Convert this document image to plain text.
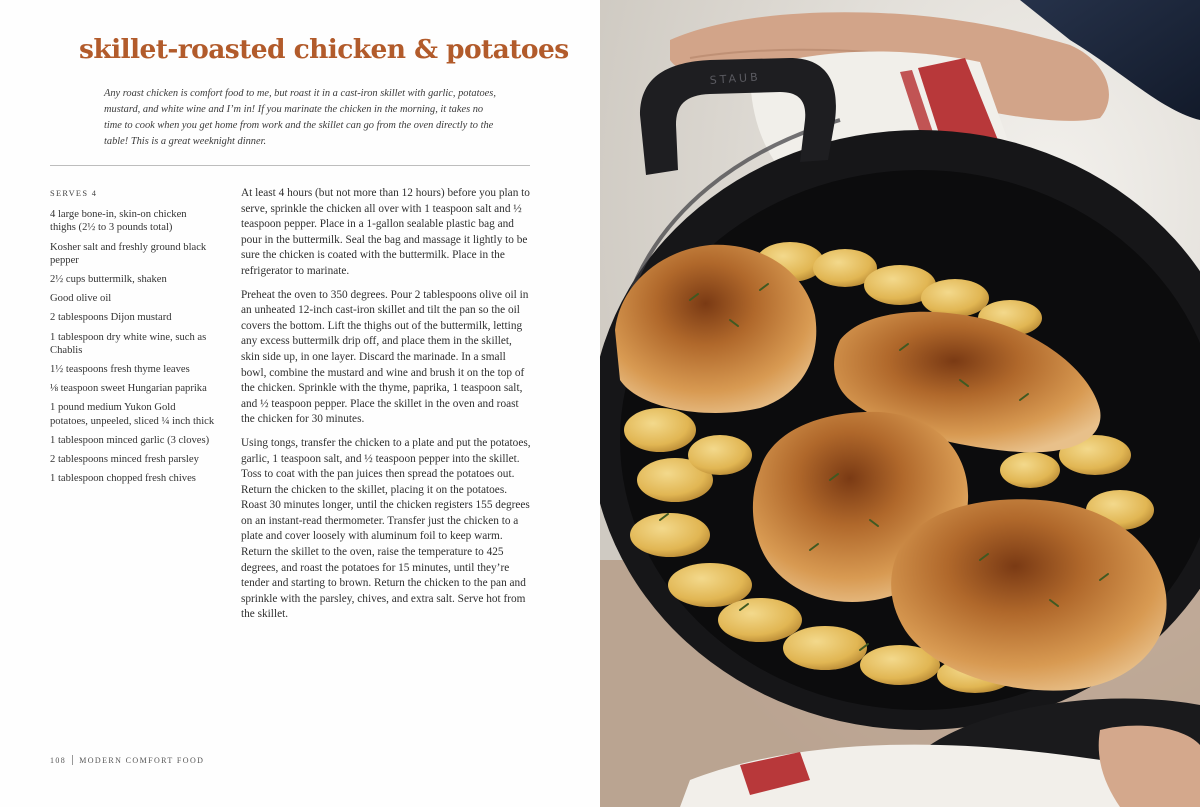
skillet-roasted chicken & potatoes

Any roast chicken is comfort food to me, but roast it in a cast-iron skillet with garlic, potatoes, mustard, and white wine and I’m in! If you marinate the chicken in the morning, it takes no time to cook when you get home from work and the skillet can go from the oven directly to the table! This is a great weeknight dinner.

SERVES 4
4 large bone-in, skin-on chicken thighs (2½ to 3 pounds total)
Kosher salt and freshly ground black pepper
2½ cups buttermilk, shaken
Good olive oil
2 tablespoons Dijon mustard
1 tablespoon dry white wine, such as Chablis
1½ teaspoons fresh thyme leaves
⅛ teaspoon sweet Hungarian paprika
1 pound medium Yukon Gold potatoes, unpeeled, sliced ¼ inch thick
1 tablespoon minced garlic (3 cloves)
2 tablespoons minced fresh parsley
1 tablespoon chopped fresh chives

At least 4 hours (but not more than 12 hours) before you plan to serve, sprinkle the chicken all over with 1 teaspoon salt and ½ teaspoon pepper. Place in a 1-gallon sealable plastic bag and pour in the buttermilk. Seal the bag and massage it lightly to be sure the chicken is coated with the buttermilk. Place in the refrigerator to marinate.

Preheat the oven to 350 degrees. Pour 2 tablespoons olive oil in an unheated 12-inch cast-iron skillet and tilt the pan so the oil covers the bottom. Lift the thighs out of the buttermilk, letting any excess buttermilk drip off, and place them in the skillet, skin side up, in one layer. Discard the marinade. In a small bowl, combine the mustard and wine and brush it on the top of the chicken. Sprinkle with the thyme, paprika, 1 teaspoon salt, and ½ teaspoon pepper. Place the skillet in the oven and roast the chicken for 30 minutes.

Using tongs, transfer the chicken to a plate and put the potatoes, garlic, 1 teaspoon salt, and ½ teaspoon pepper into the skillet. Toss to coat with the pan juices then spread the potatoes out. Return the chicken to the skillet, placing it on the potatoes. Roast 30 minutes longer, until the chicken registers 155 degrees on an instant-read thermometer. Transfer just the chicken to a plate and cover loosely with aluminum foil to keep warm. Return the skillet to the oven, raise the temperature to 425 degrees, and roast the potatoes for 15 minutes, until they’re tender and starting to brown. Return the chicken to the pan and sprinkle with the parsley, chives, and extra salt. Serve hot from the skillet.

108 MODERN COMFORT FOOD
STAUB
